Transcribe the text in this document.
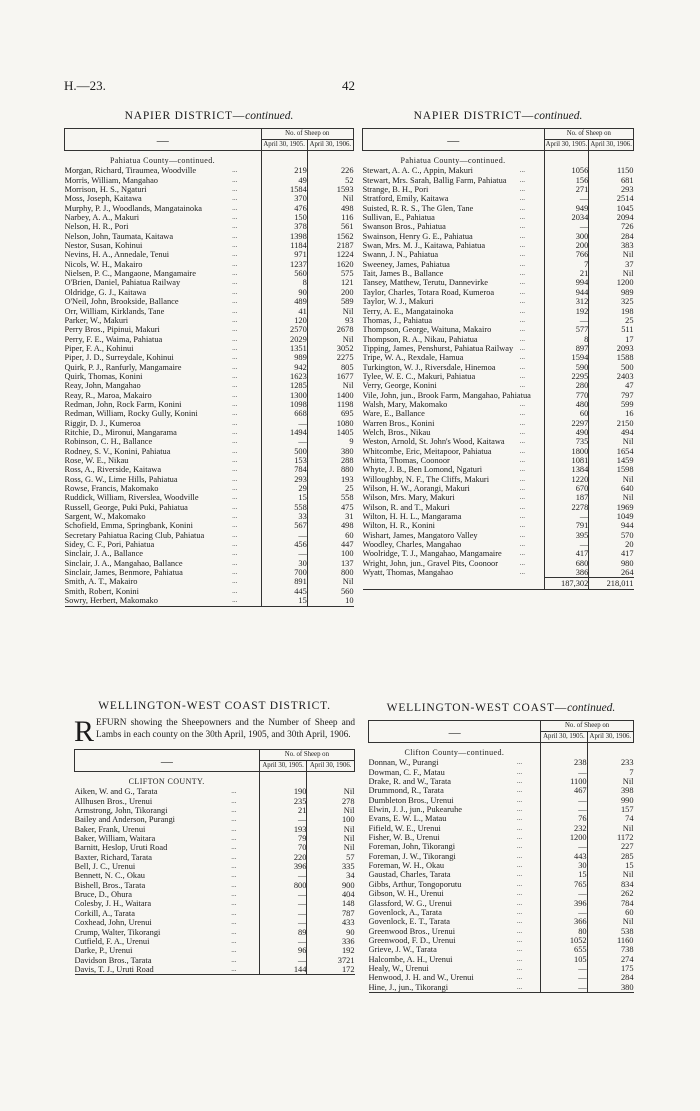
H.—23.	42
NAPIER DISTRICT—continued.
—		No. of Sheep on	
		April 30, 1905.	April 30, 1906.
Pahiatua County—continued.			
Morgan, Richard, Tiraumea, Woodville	...	219	226
Morris, William, Mangahao	...	49	52
Morrison, H. S., Ngaturi	...	1584	1593
Moss, Joseph, Kaitawa	...	370	Nil
Murphy, P. J., Woodlands, Mangatainoka	...	476	498
Narbey, A. A., Makuri	...	150	116
Nelson, H. R., Pori	...	378	561
Nelson, John, Taumata, Kaitawa	...	1398	1562
Nestor, Susan, Kohinui	...	1184	2187
Nevins, H. A., Annedale, Tenui	...	971	1224
Nicols, W. H., Makairo	...	1237	1620
Nielsen, P. C., Mangaone, Mangamaire	...	560	575
O'Brien, Daniel, Pahiatua Railway	...	8	121
Oldridge, G. J., Kaitawa	...	90	200
O'Neil, John, Brookside, Ballance	...	489	589
Orr, William, Kirklands, Tane	...	41	Nil
Parker, W., Makuri	...	120	93
Perry Bros., Pipinui, Makuri	...	2570	2678
Perry, F. E., Waima, Pahiatua	...	2029	Nil
Piper, F. A., Kohinui	...	1351	3052
Piper, J. D., Surreydale, Kohinui	...	989	2275
Quirk, P. J., Ranfurly, Mangamaire	...	942	805
Quirk, Thomas, Konini	...	1623	1677
Reay, John, Mangahao	...	1285	Nil
Reay, R., Maroa, Makairo	...	1300	1400
Redman, John, Rock Farm, Konini	...	1098	1198
Redman, William, Rocky Gully, Konini	...	668	695
Riggir, D. J., Kumeroa	...	—	1080
Ritchie, D., Mironui, Mangarama	...	1494	1405
Robinson, C. H., Ballance	...	—	9
Rodney, S. V., Konini, Pahiatua	...	500	380
Rose, W. E., Nikau	...	153	288
Ross, A., Riverside, Kaitawa	...	784	880
Ross, G. W., Lime Hills, Pahiatua	...	293	193
Rowse, Francis, Makomako	...	29	25
Ruddick, William, Riverslea, Woodville	...	15	558
Russell, George, Puki Puki, Pahiatua	...	558	475
Sargent, W., Makomako	...	33	31
Schofield, Emma, Springbank, Konini	...	567	498
Secretary Pahiatua Racing Club, Pahiatua	...	—	60
Sidey, C. F., Pori, Pahiatua	...	456	447
Sinclair, J. A., Ballance	...	—	100
Sinclair, J. A., Mangahao, Ballance	...	30	137
Sinclair, James, Benmore, Pahiatua	...	700	800
Smith, A. T., Makairo	...	891	Nil
Smith, Robert, Konini	...	445	560
Sowry, Herbert, Makomako	...	15	10
NAPIER DISTRICT—continued.
—		No. of Sheep on	
		April 30, 1905.	April 30, 1906.
Pahiatua County—continued.			
Stewart, A. A. C., Appin, Makuri	...	1056	1150
Stewart, Mrs. Sarah, Ballig Farm, Pahiatua	...	156	681
Strange, B. H., Pori	...	271	293
Stratford, Emily, Kaitawa	...	—	2514
Suisted, R. R. S., The Glen, Tane	...	949	1045
Sullivan, E., Pahiatua	...	2034	2094
Swanson Bros., Pahiatua	...	—	726
Swainson, Henry G. E., Pahiatua	...	300	284
Swan, Mrs. M. J., Kaitawa, Pahiatua	...	200	383
Swann, J. N., Pahiatua	...	766	Nil
Sweeney, James, Pahiatua	...	7	37
Tait, James B., Ballance	...	21	Nil
Tansey, Matthew, Terutu, Dannevirke	...	994	1200
Taylor, Charles, Totara Road, Kumeroa	...	944	989
Taylor, W. J., Makuri	...	312	325
Terry, A. E., Mangatainoka	...	192	198
Thomas, J., Pahiatua	...	—	25
Thompson, George, Waituna, Makairo	...	577	511
Thompson, R. A., Nikau, Pahiatua	...	8	17
Tipping, James, Penshurst, Pahiatua Railway	...	897	2093
Tripe, W. A., Rexdale, Hamua	...	1594	1588
Turkington, W. J., Riversdale, Hinemoa	...	590	500
Tylee, W. E. C., Makuri, Pahiatua	...	2295	2403
Verry, George, Konini	...	280	47
Vile, John, jun., Brook Farm, Mangahao, Pahiatua		770	797
Walsh, Mary, Makomako	...	480	599
Ware, E., Ballance	...	60	16
Warren Bros., Konini	...	2297	2150
Welch, Bros., Nikau	...	490	494
Weston, Arnold, St. John's Wood, Kaitawa	...	735	Nil
Whitcombe, Eric, Meitapoor, Pahiatua	...	1800	1654
Whitta, Thomas, Coonoor	...	1081	1459
Whyte, J. B., Ben Lomond, Ngaturi	...	1384	1598
Willoughby, N. F., The Cliffs, Makuri	...	1220	Nil
Wilson, H. W., Aorangi, Makuri	...	670	640
Wilson, Mrs. Mary, Makuri	...	187	Nil
Wilson, R. and T., Makuri	...	2278	1969
Wilton, H. H. L., Mangarama	...	—	1049
Wilton, H. R., Konini	...	791	944
Wishart, James, Mangatoro Valley	...	395	570
Woodley, Charles, Mangahao	...	—	20
Woolridge, T. J., Mangahao, Mangamaire	...	417	417
Wright, John, jun., Gravel Pits, Coonoor	...	680	980
Wyatt, Thomas, Mangahao	...	386	264
		187,302	218,011
WELLINGTON-WEST COAST DISTRICT.
REFURN showing the Sheepowners and the Number of Sheep and Lambs in each county on the 30th April, 1905, and 30th April, 1906.
—		No. of Sheep on	
		April 30, 1905.	April 30, 1906.
CLIFTON COUNTY.			
Aiken, W. and G., Tarata	...	190	Nil
Allhusen Bros., Urenui	...	235	278
Armstrong, John, Tikorangi	...	21	Nil
Bailey and Anderson, Purangi	...	—	100
Baker, Frank, Urenui	...	193	Nil
Baker, William, Waitara	...	79	Nil
Barnitt, Heslop, Uruti Road	...	70	Nil
Baxter, Richard, Tarata	...	220	57
Bell, J. C., Urenui	...	396	335
Bennett, N. C., Okau	...	—	34
Bishell, Bros., Tarata	...	800	900
Bruce, D., Ohura	...	—	404
Colesby, J. H., Waitara	...	—	148
Corkill, A., Tarata	...	—	787
Coxhead, John, Urenui	...	—	433
Crump, Walter, Tikorangi	...	89	90
Cutfield, F. A., Urenui	...	—	336
Darke, P., Urenui	...	96	192
Davidson Bros., Tarata	...	—	3721
Davis, T. J., Uruti Road	...	144	172
WELLINGTON-WEST COAST—continued.
—		No. of Sheep on	
		April 30, 1905.	April 30, 1906.
Clifton County—continued.			
Donnan, W., Purangi	...	238	233
Dowman, C. F., Matau	...	—	7
Drake, R. and W., Tarata	...	1100	Nil
Drummond, R., Tarata	...	467	398
Dumbleton Bros., Urenui	...	—	990
Elwin, J. J., jun., Pukearuhe	...	—	157
Evans, E. W. L., Matau	...	76	74
Fifield, W. E., Urenui	...	232	Nil
Fisher, W. B., Urenui	...	1200	1172
Foreman, John, Tikorangi	...	—	227
Foreman, J. W., Tikorangi	...	443	285
Foreman, W. H., Okau	...	30	15
Gaustad, Charles, Tarata	...	15	Nil
Gibbs, Arthur, Tongoporutu	...	765	834
Gibson, W. H., Urenui	...	—	262
Glassford, W. G., Urenui	...	396	784
Govenlock, A., Tarata	...	—	60
Govenlock, E. T., Tarata	...	366	Nil
Greenwood Bros., Urenui	...	80	538
Greenwood, F. D., Urenui	...	1052	1160
Grieve, J. W., Tarata	...	655	738
Halcombe, A. H., Urenui	...	105	274
Healy, W., Urenui	...	—	175
Henwood, J. H. and W., Urenui	...	—	284
Hine, J., jun., Tikorangi	...	—	380
